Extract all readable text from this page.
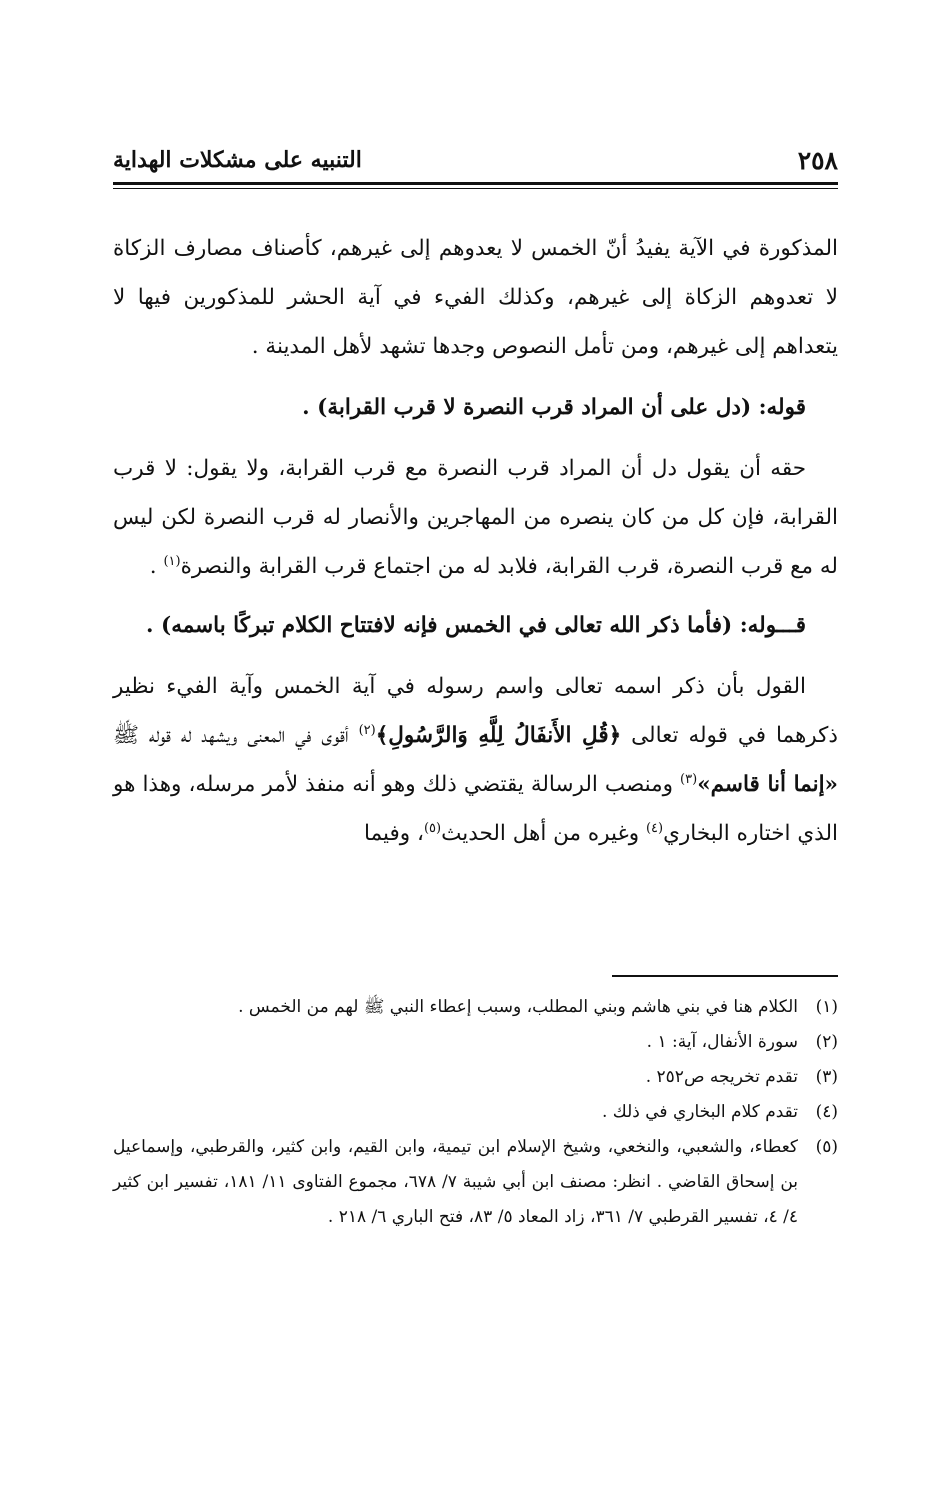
٢٥٨
التنبيه على مشكلات الهداية

المذكورة في الآية يفيدُ أنّ الخمس لا يعدوهم إلى غيرهم، كأصناف مصارف الزكاة لا تعدوهم الزكاة إلى غيرهم، وكذلك الفيء في آية الحشر للمذكورين فيها لا يتعداهم إلى غيرهم، ومن تأمل النصوص وجدها تشهد لأهل المدينة .

قوله: (دل على أن المراد قرب النصرة لا قرب القرابة) .

حقه أن يقول دل أن المراد قرب النصرة مع قرب القرابة، ولا يقول: لا قرب القرابة، فإن كل من كان ينصره من المهاجرين والأنصار له قرب النصرة لكن ليس له مع قرب النصرة، قرب القرابة، فلابد له من اجتماع قرب القرابة والنصرة$^{(١)}$ .

قـــوله: (فأما ذكر الله تعالى في الخمس فإنه لافتتاح الكلام تبركًا باسمه) .

القول بأن ذكر اسمه تعالى واسم رسوله في آية الخمس وآية الفيء نظير ذكرهما في قوله تعالى ﴿قُلِ الأَنفَالُ لِلَّهِ وَالرَّسُولِ﴾$^{(٢)}$ أقوى في المعنى ويشهد له قوله ﷺ «إنما أنا قاسم»$^{(٣)}$ ومنصب الرسالة يقتضي ذلك وهو أنه منفذ لأمر مرسله، وهذا هو الذي اختاره البخاري$^{(٤)}$ وغيره من أهل الحديث$^{(٥)}$، وفيما

(١)
الكلام هنا في بني هاشم وبني المطلب، وسبب إعطاء النبي ﷺ لهم من الخمس .
(٢)
سورة الأنفال، آية: ١ .
(٣)
تقدم تخريجه ص٢٥٢ .
(٤)
تقدم كلام البخاري في ذلك .
(٥)
كعطاء، والشعبي، والنخعي، وشيخ الإسلام ابن تيمية، وابن القيم، وابن كثير، والقرطبي، وإسماعيل بن إسحاق القاضي . انظر: مصنف ابن أبي شيبة ٧/ ٦٧٨، مجموع الفتاوى ١١/ ١٨١، تفسير ابن كثير ٤/ ٤، تفسير القرطبي ٧/ ٣٦١، زاد المعاد ٥/ ٨٣، فتح الباري ٦/ ٢١٨ .
